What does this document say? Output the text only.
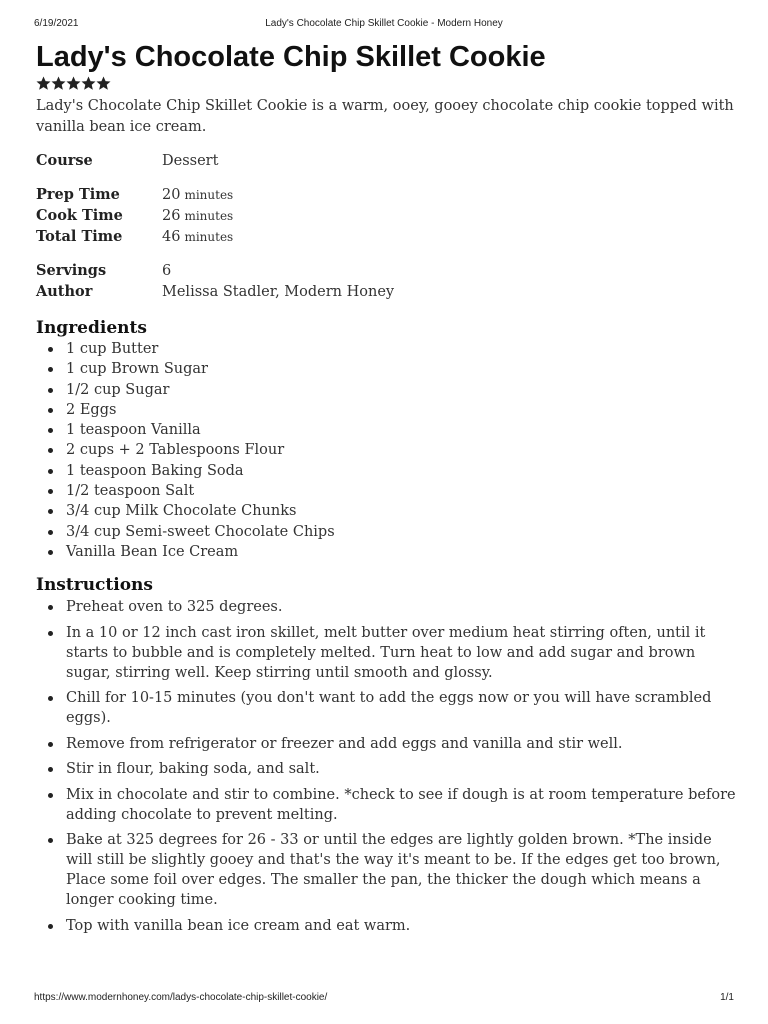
6/19/2021	Lady's Chocolate Chip Skillet Cookie - Modern Honey
Lady's Chocolate Chip Skillet Cookie

Lady's Chocolate Chip Skillet Cookie is a warm, ooey, gooey chocolate chip cookie topped with vanilla bean ice cream.

Course	Dessert
Prep Time	20 minutes
Cook Time	26 minutes
Total Time	46 minutes
Servings	6
Author	Melissa Stadler, Modern Honey
Ingredients
1 cup Butter
1 cup Brown Sugar
1/2 cup Sugar
2 Eggs
1 teaspoon Vanilla
2 cups + 2 Tablespoons Flour
1 teaspoon Baking Soda
1/2 teaspoon Salt
3/4 cup Milk Chocolate Chunks
3/4 cup Semi-sweet Chocolate Chips
Vanilla Bean Ice Cream
Instructions
Preheat oven to 325 degrees.
In a 10 or 12 inch cast iron skillet, melt butter over medium heat stirring often, until it starts to bubble and is completely melted. Turn heat to low and add sugar and brown sugar, stirring well. Keep stirring until smooth and glossy.
Chill for 10-15 minutes (you don't want to add the eggs now or you will have scrambled eggs).
Remove from refrigerator or freezer and add eggs and vanilla and stir well.
Stir in flour, baking soda, and salt.
Mix in chocolate and stir to combine. *check to see if dough is at room temperature before adding chocolate to prevent melting.
Bake at 325 degrees for 26 - 33 or until the edges are lightly golden brown. *The inside will still be slightly gooey and that's the way it's meant to be. If the edges get too brown, Place some foil over edges. The smaller the pan, the thicker the dough which means a longer cooking time.
Top with vanilla bean ice cream and eat warm.
https://www.modernhoney.com/ladys-chocolate-chip-skillet-cookie/	1/1
